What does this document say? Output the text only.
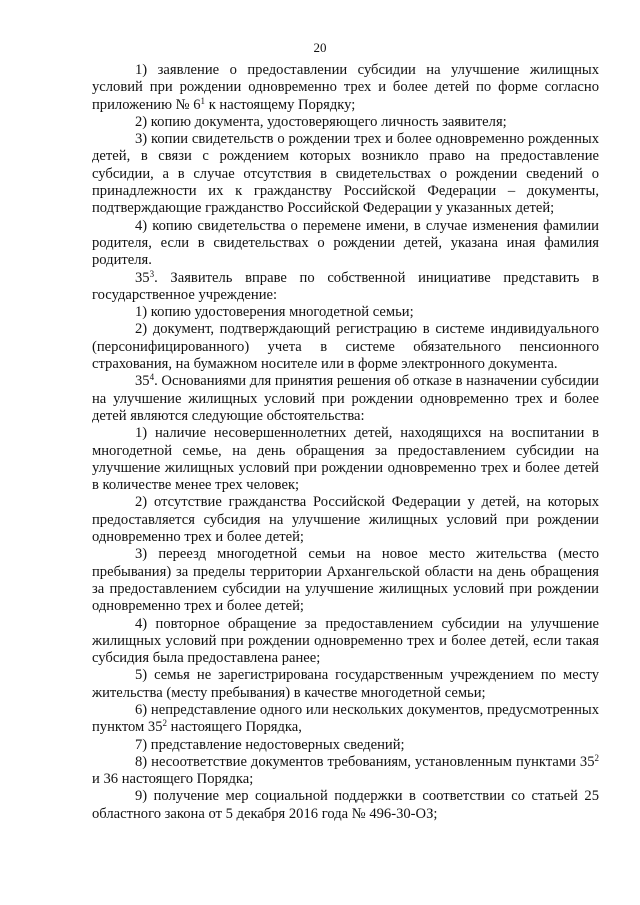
20

1) заявление о предоставлении субсидии на улучшение жилищных условий при рождении одновременно трех и более детей по форме согласно приложению № $6^1$ к настоящему Порядку;

2) копию документа, удостоверяющего личность заявителя;

3) копии свидетельств о рождении трех и более одновременно рожденных детей, в связи с рождением которых возникло право на предоставление субсидии, а в случае отсутствия в свидетельствах о рождении сведений о принадлежности их к гражданству Российской Федерации – документы, подтверждающие гражданство Российской Федерации у указанных детей;

4) копию свидетельства о перемене имени, в случае изменения фамилии родителя, если в свидетельствах о рождении детей, указана иная фамилия родителя.

$35^3$. Заявитель вправе по собственной инициативе представить в государственное учреждение:

1) копию удостоверения многодетной семьи;

2) документ, подтверждающий регистрацию в системе индивидуального (персонифицированного) учета в системе обязательного пенсионного страхования, на бумажном носителе или в форме электронного документа.

$35^4$. Основаниями для принятия решения об отказе в назначении субсидии на улучшение жилищных условий при рождении одновременно трех и более детей являются следующие обстоятельства:

1) наличие несовершеннолетних детей, находящихся на воспитании в многодетной семье, на день обращения за предоставлением субсидии на улучшение жилищных условий при рождении одновременно трех и более детей в количестве менее трех человек;

2) отсутствие гражданства Российской Федерации у детей, на которых предоставляется субсидия на улучшение жилищных условий при рождении одновременно трех и более детей;

3) переезд многодетной семьи на новое место жительства (место пребывания) за пределы территории Архангельской области на день обращения за предоставлением субсидии на улучшение жилищных условий при рождении одновременно трех и более детей;

4) повторное обращение за предоставлением субсидии на улучшение жилищных условий при рождении одновременно трех и более детей, если такая субсидия была предоставлена ранее;

5) семья не зарегистрирована государственным учреждением по месту жительства (месту пребывания) в качестве многодетной семьи;

6) непредставление одного или нескольких документов, предусмотренных пунктом $35^2$ настоящего Порядка,

7) представление недостоверных сведений;

8) несоответствие документов требованиям, установленным пунктами $35^2$ и 36 настоящего Порядка;

9) получение мер социальной поддержки в соответствии со статьей 25 областного закона от 5 декабря 2016 года № 496-30-ОЗ;
